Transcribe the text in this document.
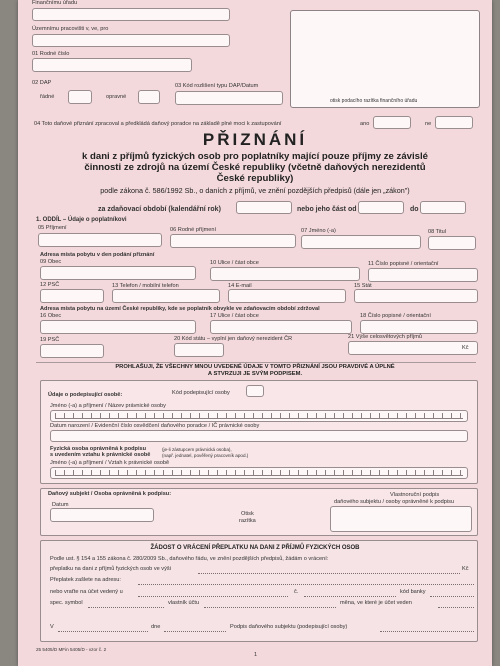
Finančnímu úřadu
Územnímu pracovišti v, ve, pro
01 Rodné číslo
02 DAP
řádné	opravné
03 Kód rozlišení typu DAP/Datum
otisk podacího razítka finančního úřadu
04 Toto daňové přiznání zpracoval a předkládá daňový poradce na základě plné moci k zastupování	ano	ne
PŘIZNÁNÍ
k dani z příjmů fyzických osob pro poplatníky mající pouze příjmy ze závislé
činnosti ze zdrojů na území České republiky (včetně daňových nerezidentů
České republiky)
podle zákona č. 586/1992 Sb., o daních z příjmů, ve znění pozdějších předpisů (dále jen „zákon")
za zdaňovací období (kalendářní rok)	nebo jeho část od	do
1. ODDÍL – Údaje o poplatníkovi
05 Příjmení	06 Rodné příjmení	07 Jméno (-a)	08 Titul
Adresa místa pobytu v den podání přiznání
09 Obec	10 Ulice / část obce	11 Číslo popisné / orientační
12 PSČ	13 Telefon / mobilní telefon	14 E-mail	15 Stát
Adresa místa pobytu na území České republiky, kde se poplatník obvykle ve zdaňovacím období zdržoval
16 Obec	17 Ulice / část obce	18 Číslo popisné / orientační
19 PSČ	20 Kód státu – vyplní jen daňový nerezident ČR	21 Výše celosvětových příjmů
Kč
PROHLAŠUJI, ŽE VŠECHNY MNOU UVEDENÉ ÚDAJE V TOMTO PŘIZNÁNÍ JSOU PRAVDIVÉ A ÚPLNÉ
A STVRZUJI JE SVÝM PODPISEM.
Údaje o podepisující osobě:	Kód podepisující osoby
Jméno (-a) a příjmení / Název právnické osoby
Datum narození / Evidenční číslo osvědčení daňového poradce / IČ právnické osoby
Fyzická osoba oprávněná k podpisu	(je-li zástupcem právnická osoba),
s uvedením vztahu k právnické osobě	(např. jednatel, pověřený pracovník apod.)
Jméno (-a) a příjmení / Vztah k právnické osobě
Daňový subjekt / Osoba oprávněná k podpisu:
Datum
Otisk
razítka
Vlastnoruční podpis
daňového subjektu / osoby oprávněné k podpisu
ŽÁDOST O VRÁCENÍ PŘEPLATKU NA DANI Z PŘÍJMŮ FYZICKÝCH OSOB
Podle ust. § 154 a 155 zákona č. 280/2009 Sb., daňového řádu, ve znění pozdějších předpisů, žádám o vrácení:
přeplatku na dani z příjmů fyzických osob ve výši	Kč
Přeplatek zašlete na adresu:
nebo vraťte na účet vedený u	č.	kód banky
spec. symbol	vlastník účtu	měna, ve které je účet veden
V	dne	Podpis daňového subjektu (podepisující osoby)
25 5405/D MFin 5405/D - vzor č. 2
1
